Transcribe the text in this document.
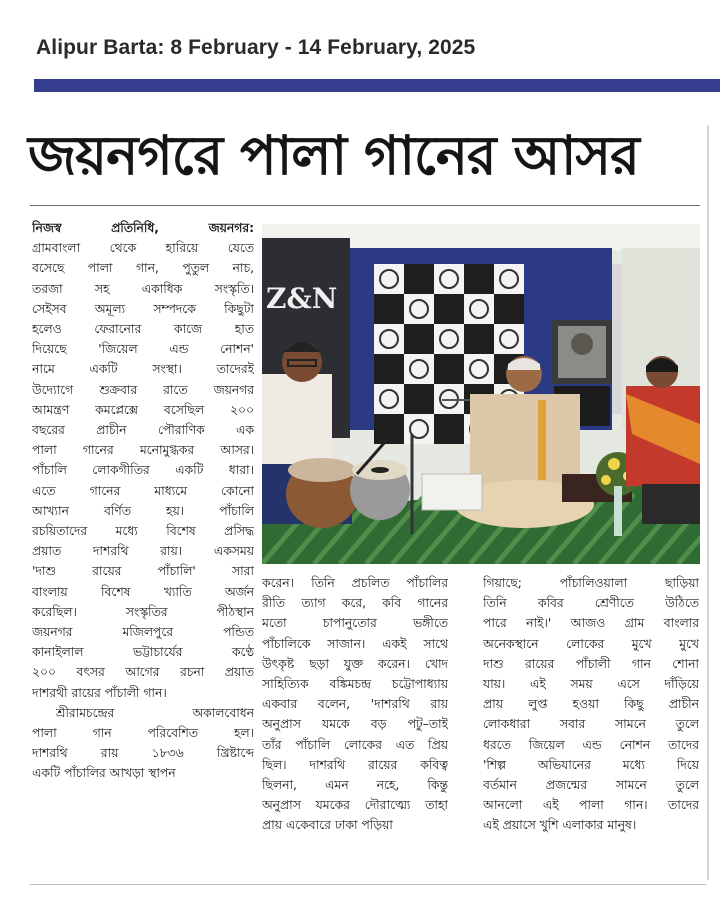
Alipur Barta: 8 February - 14 February, 2025
জয়নগরে পালা গানের আসর

নিজস্ব প্রতিনিধি, জয়নগর:
গ্রামবাংলা থেকে হারিয়ে যেতে
বসেছে পালা গান, পুতুল নাচ,
তরজা সহ একাধিক সংস্কৃতি।
সেইসব অমূল্য সম্পদকে কিছুটা
হলেও ফেরানোর কাজে হাত
দিয়েছে 'জিয়েল এন্ড নোশন'
নামে একটি সংস্থা। তাদেরই
উদ্যোগে শুক্রবার রাতে জয়নগর
আমন্ত্রণ কমপ্লেক্সে বসেছিল ২০০
বছরের প্রাচীন পৌরাণিক এক
পালা গানের মনোমুগ্ধকর আসর।
পাঁচালি লোকগীতির একটি ধারা।
এতে গানের মাধ্যমে কোনো
আখ্যান বর্ণিত হয়। পাঁচালি
রচয়িতাদের মধ্যে বিশেষ প্রসিদ্ধ
প্রয়াত দাশরথি রায়। একসময়
'দাশু রায়ের পাঁচালি' সারা
বাংলায় বিশেষ খ্যাতি অর্জন
করেছিল। সংস্কৃতির পীঠস্থান
জয়নগর মজিলপুরে পন্ডিত
কানাইলাল ভট্টাচার্যের কণ্ঠে
২০০ বৎসর আগের রচনা প্রয়াত
দাশরথী রায়ের পাঁচালী গান।

শ্রীরামচন্দ্রের অকালবোধন
পালা গান পরিবেশিত হল।
দাশরথি রায় ১৮৩৬ খ্রিষ্টাব্দে
একটি পাঁচালির আখড়া স্থাপন

Z&N
করেন। তিনি প্রচলিত পাঁচালির
রীতি ত্যাগ করে, কবি গানের
মতো চাপানুতোর ভঙ্গীতে
পাঁচালিকে সাজান। একই সাথে
উৎকৃষ্ট ছড়া যুক্ত করেন। খোদ
সাহিত্যিক বঙ্কিমচন্দ্র চট্টোপাধ্যায়
একবার বলেন, 'দাশরথি রায়
অনুপ্রাস যমকে বড় পটু–তাই
তাঁর পাঁচালি লোকের এত প্রিয়
ছিল। দাশরথি রায়ের কবিত্ব
ছিলনা, এমন নহে, কিন্তু
অনুপ্রাস যমকের দৌরাত্ম্যে তাহা
প্রায় একেবারে ঢাকা পড়িয়া
গিয়াছে; পাঁচালিওয়ালা ছাড়িয়া
তিনি কবির শ্রেণীতে উঠিতে
পারে নাই।' আজও গ্রাম বাংলার
অনেকস্থানে লোকের মুখে মুখে
দাশু রায়ের পাঁচালী গান শোনা
যায়। এই সময় এসে দাঁড়িয়ে
প্রায় লুপ্ত হওয়া কিছু প্রাচীন
লোকধারা সবার সামনে তুলে
ধরতে জিয়েল এন্ড নোশন তাদের
'শিল্প অভিযানের মধ্যে দিয়ে
বর্তমান প্রজন্মের সামনে তুলে
আনলো এই পালা গান। তাদের
এই প্রয়াসে খুশি এলাকার মানুষ।
